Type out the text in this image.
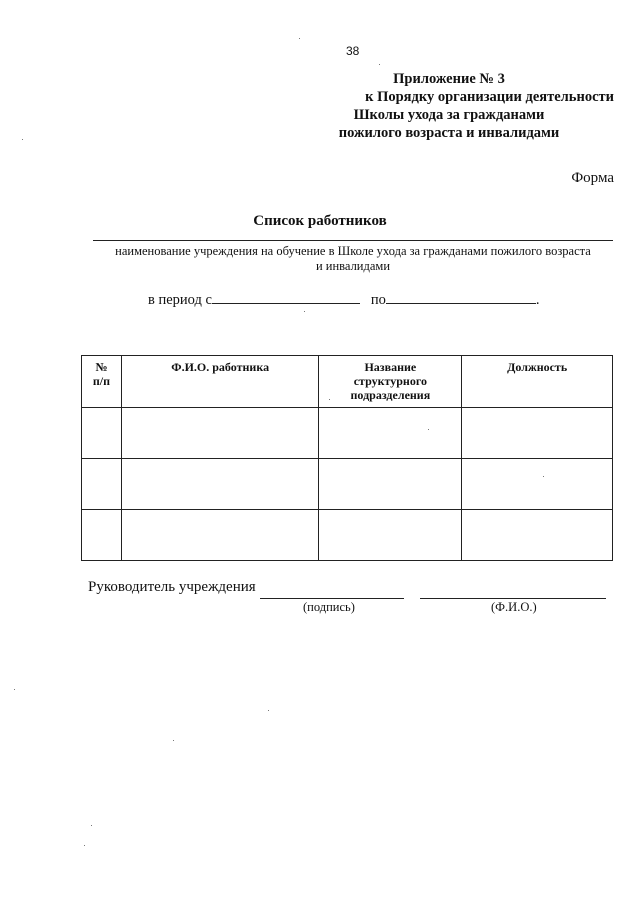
38
Приложение № 3
к Порядку организации деятельности
Школы ухода за гражданами
пожилого возраста и инвалидами
Форма
Список работников
наименование учреждения на обучение в Школе ухода за гражданами пожилого возраста
и инвалидами
в период с	по	.
№ п/п	Ф.И.О. работника	Название структурного подразделения	Должность

Руководитель учреждения
(подпись)	(Ф.И.О.)
